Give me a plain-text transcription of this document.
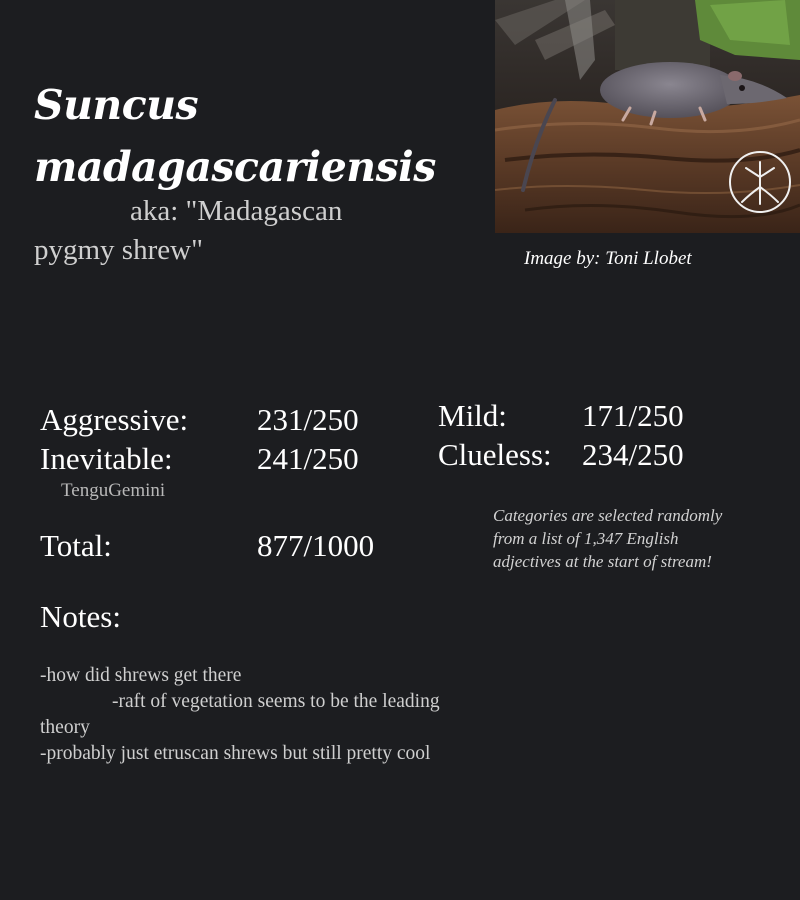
Suncus
madagascariensis
aka: "Madagascan pygmy shrew"	Image by: Toni Llobet
Aggressive: 231/250
Inevitable:	241/250
TenguGemini
Mild: 171/250
Clueless: 234/250
Categories are selected randomly from a list of 1,347 English adjectives at the start of stream!
Total:	877/1000
Notes:

-how did shrews get there

-raft of vegetation seems to be the leading theory

-probably just etruscan shrews but still pretty cool
